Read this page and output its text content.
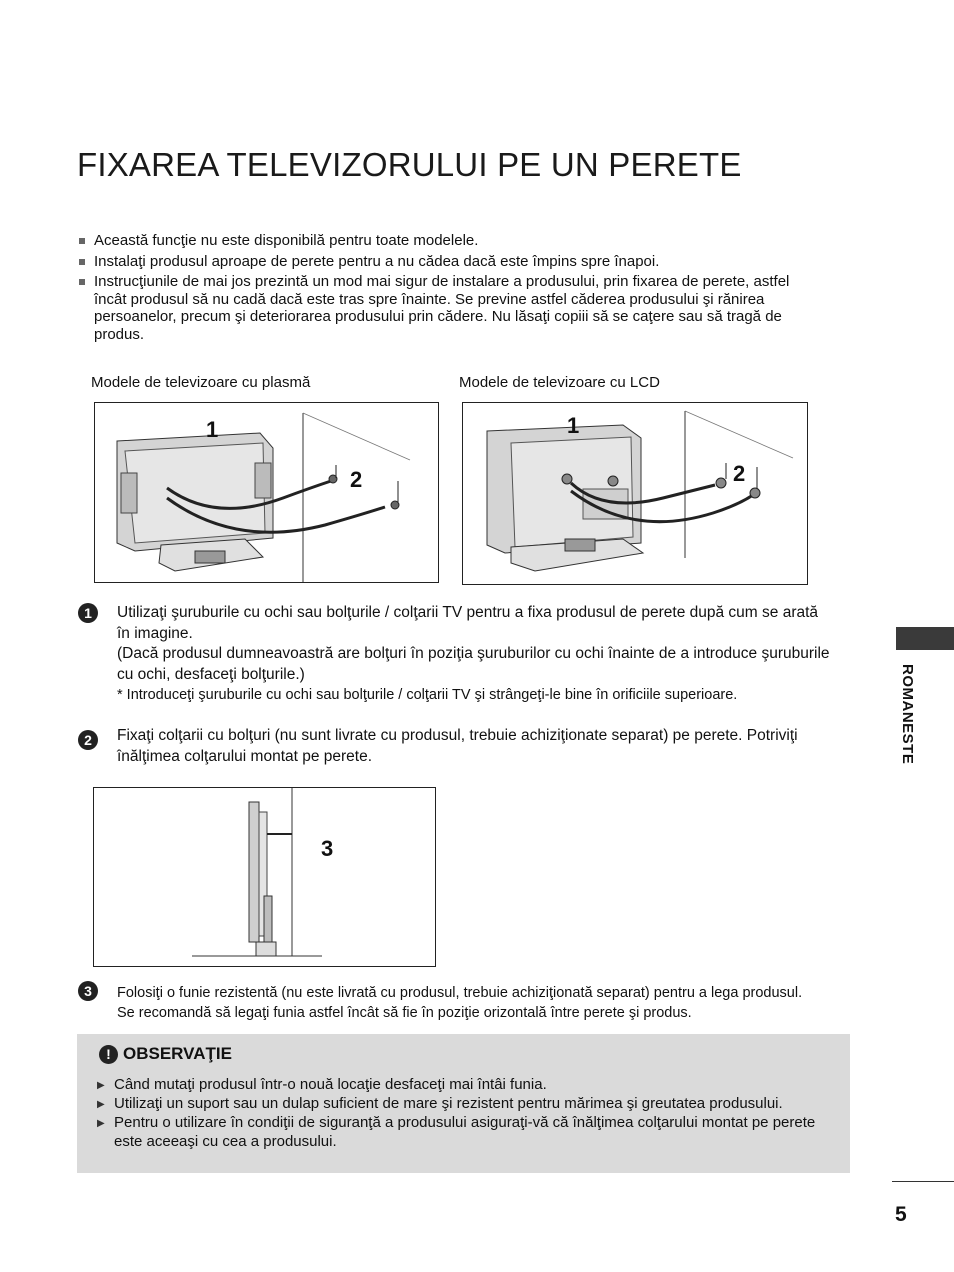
FIXAREA TELEVIZORULUI PE UN PERETE
Această funcţie nu este disponibilă pentru toate modelele.
Instalaţi produsul aproape de perete pentru a nu cădea dacă este împins spre înapoi.
Instrucţiunile de mai jos prezintă un mod mai sigur de instalare a produsului, prin fixarea de perete, astfel încât produsul să nu cadă dacă este tras spre înainte. Se previne astfel căderea produsului şi rănirea persoanelor, precum şi deteriorarea produsului prin cădere. Nu lăsaţi copiii să se caţere sau să tragă de produs.
Modele de televizoare cu plasmă	Modele de televizoare cu LCD
1
2
1
2
1	Utilizaţi şuruburile cu ochi sau bolţurile / colţarii TV pentru a fixa produsul de perete după cum se arată în imagine.
(Dacă produsul dumneavoastră are bolţuri în poziţia şuruburilor cu ochi înainte de a introduce şuruburile cu ochi, desfaceţi bolţurile.)
* Introduceţi şuruburile cu ochi sau bolţurile / colţarii TV şi strângeţi-le bine în orificiile superioare.
2	Fixaţi colţarii cu bolţuri (nu sunt livrate cu produsul, trebuie achiziţionate separat) pe perete. Potriviţi înălţimea colţarului montat pe perete.
3
3	Folosiţi o funie rezistentă (nu este livrată cu produsul, trebuie achiziţionată separat) pentru a lega produsul. Se recomandă să legaţi funia astfel încât să fie în poziţie orizontală între perete şi produs.
! OBSERVAŢIE
▶ Când mutaţi produsul într-o nouă locaţie desfaceţi mai întâi funia.
▶ Utilizaţi un suport sau un dulap suficient de mare şi rezistent pentru mărimea şi greutatea produsului.
▶ Pentru o utilizare în condiţii de siguranţă a produsului asiguraţi-vă că înălţimea colţarului montat pe perete este aceeaşi cu cea a produsului.
ROMANESTE
5
